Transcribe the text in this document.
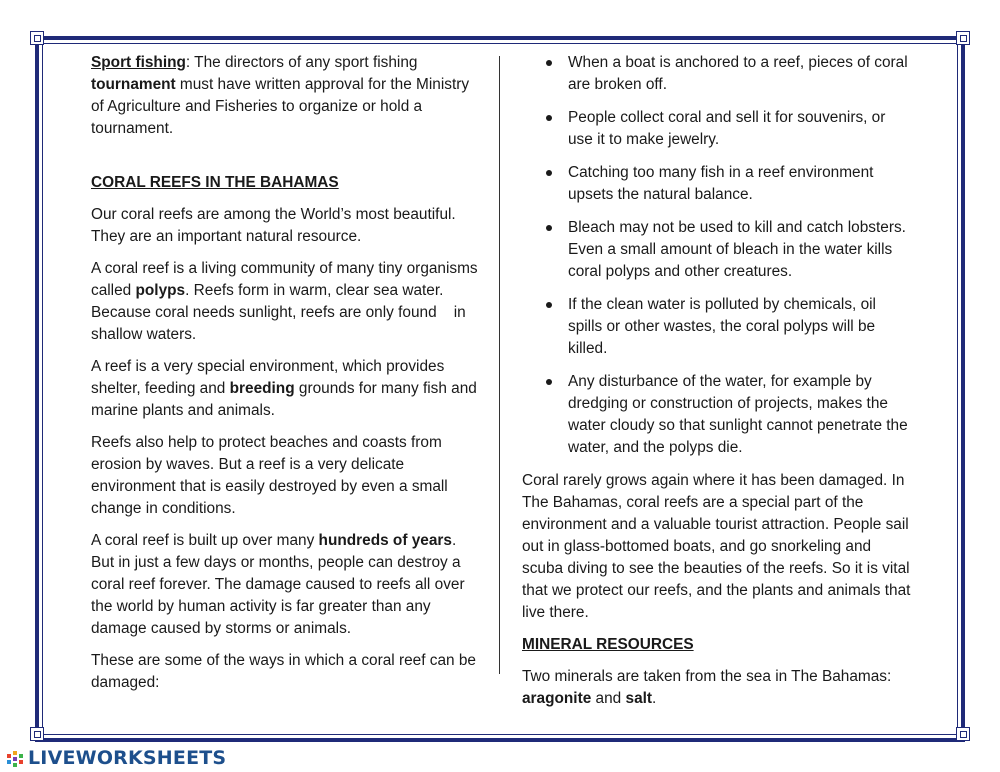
Sport fishing: The directors of any sport fishing tournament must have written approval for the Ministry of Agriculture and Fisheries to organize or hold a tournament.

CORAL REEFS IN THE BAHAMAS

Our coral reefs are among the World’s most beautiful. They are an important natural resource.

A coral reef is a living community of many tiny organisms called polyps. Reefs form in warm, clear sea water. Because coral needs sunlight, reefs are only found    in shallow waters.

A reef is a very special environment, which provides shelter, feeding and breeding grounds for many fish and marine plants and animals.

Reefs also help to protect beaches and coasts from erosion by waves. But a reef is a very delicate environment that is easily destroyed by even a small change in conditions.

A coral reef is built up over many hundreds of years. But in just a few days or months, people can destroy a coral reef forever. The damage caused to reefs all over the world by human activity is far greater than any damage caused by storms or animals.

These are some of the ways in which a coral reef can be damaged:

When a boat is anchored to a reef, pieces of coral are broken off.
People collect coral and sell it for souvenirs, or use it to make jewelry.
Catching too many fish in a reef environment upsets the natural balance.
Bleach may not be used to kill and catch lobsters. Even a small amount of bleach in the water kills coral polyps and other creatures.
If the clean water is polluted by chemicals, oil spills or other wastes, the coral polyps will be killed.
Any disturbance of the water, for example by dredging or construction of projects, makes the water cloudy so that sunlight cannot penetrate the water, and the polyps die.

Coral rarely grows again where it has been damaged. In The Bahamas, coral reefs are a special part of the environment and a valuable tourist attraction. People sail out in glass-bottomed boats, and go snorkeling and scuba diving to see the beauties of the reefs. So it is vital that we protect our reefs, and the plants and animals that live there.

MINERAL RESOURCES

Two minerals are taken from the sea in The Bahamas: aragonite and salt.

LIVEWORKSHEETS
